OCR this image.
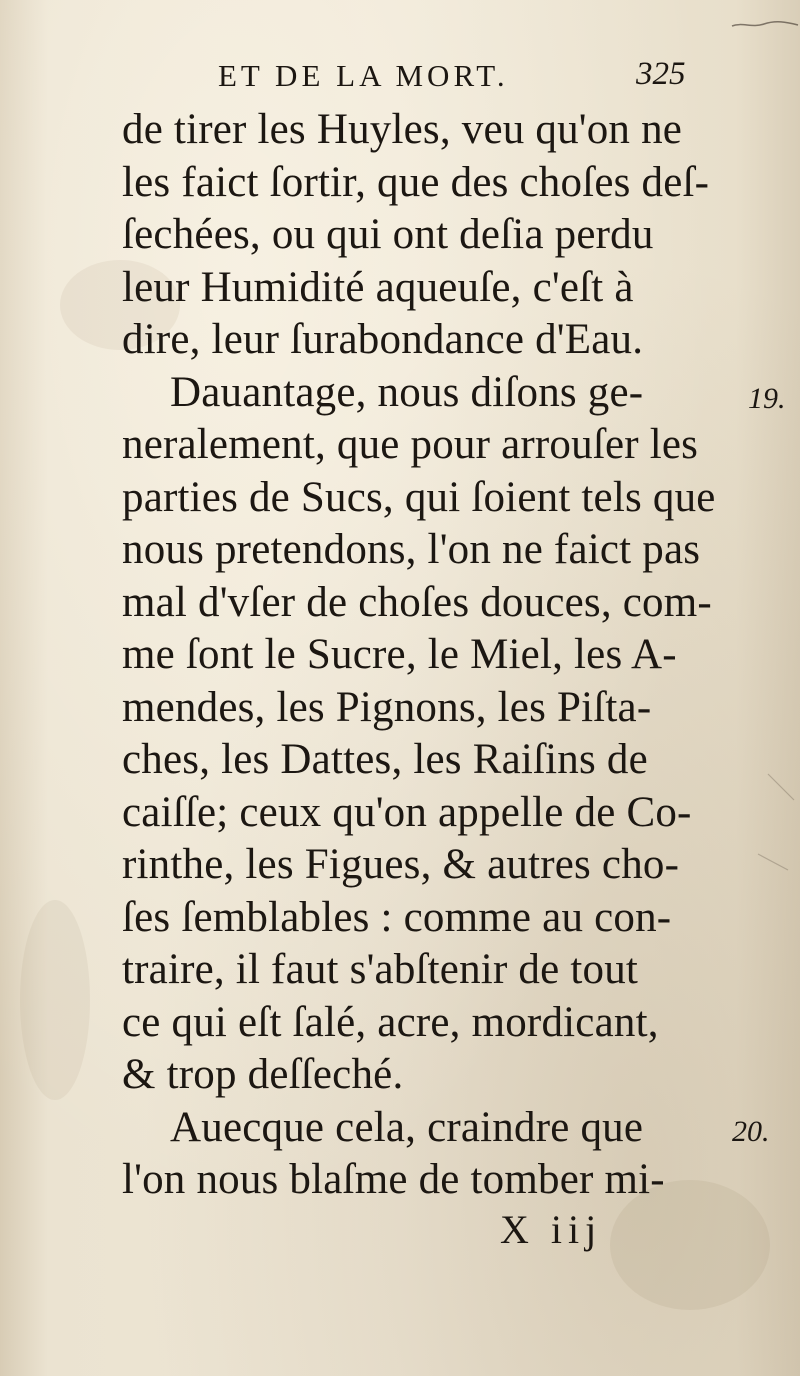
ET DE LA MORT.	325
de tirer les Huyles, veu qu'on ne
les faict ſortir, que des choſes deſ-
ſechées, ou qui ont deſia perdu
leur Humidité aqueuſe, c'eſt à
dire, leur ſurabondance d'Eau.
Dauantage, nous diſons ge-
neralement, que pour arrouſer les
parties de Sucs, qui ſoient tels que
nous pretendons, l'on ne faict pas
mal d'vſer de choſes douces, com-
me ſont le Sucre, le Miel, les A-
mendes, les Pignons, les Piſta-
ches, les Dattes, les Raiſins de
caiſſe; ceux qu'on appelle de Co-
rinthe, les Figues, & autres cho-
ſes ſemblables : comme au con-
traire, il faut s'abſtenir de tout
ce qui eſt ſalé, acre, mordicant,
& trop deſſeché.
Auecque cela, craindre que
l'on nous blaſme de tomber mi-
19.
20.
X iij
